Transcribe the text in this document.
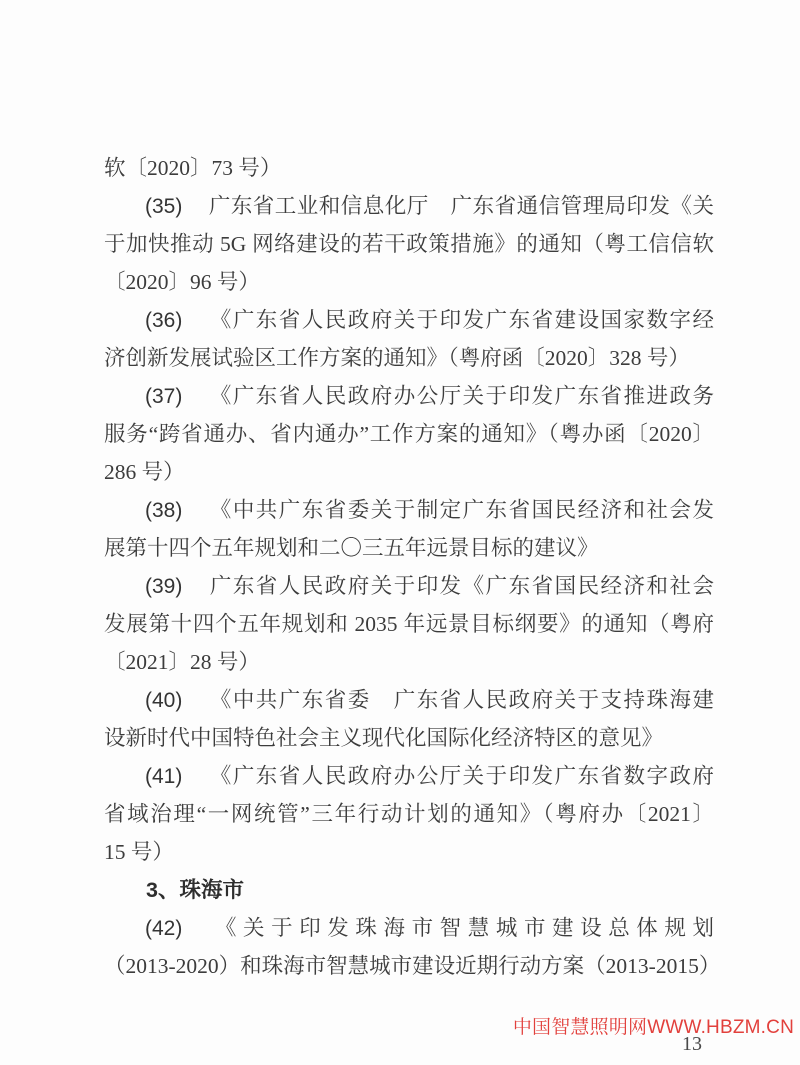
软〔2020〕73 号）
(35) 广东省工业和信息化厅　广东省通信管理局印发《关
于加快推动 5G 网络建设的若干政策措施》的通知（粤工信信软
〔2020〕96 号）
(36) 《广东省人民政府关于印发广东省建设国家数字经
济创新发展试验区工作方案的通知》（粤府函〔2020〕328 号）
(37) 《广东省人民政府办公厅关于印发广东省推进政务
服务“跨省通办、省内通办”工作方案的通知》（粤办函〔2020〕
286 号）
(38) 《中共广东省委关于制定广东省国民经济和社会发
展第十四个五年规划和二〇三五年远景目标的建议》
(39) 广东省人民政府关于印发《广东省国民经济和社会
发展第十四个五年规划和 2035 年远景目标纲要》的通知（粤府
〔2021〕28 号）
(40) 《中共广东省委　广东省人民政府关于支持珠海建
设新时代中国特色社会主义现代化国际化经济特区的意见》
(41) 《广东省人民政府办公厅关于印发广东省数字政府
省域治理“一网统管”三年行动计划的通知》（粤府办〔2021〕
15 号）
3、珠海市
(42) 《关于印发珠海市智慧城市建设总体规划
（2013-2020）和珠海市智慧城市建设近期行动方案（2013-2015）
中国智慧照明网WWW.HBZM.CN
13
